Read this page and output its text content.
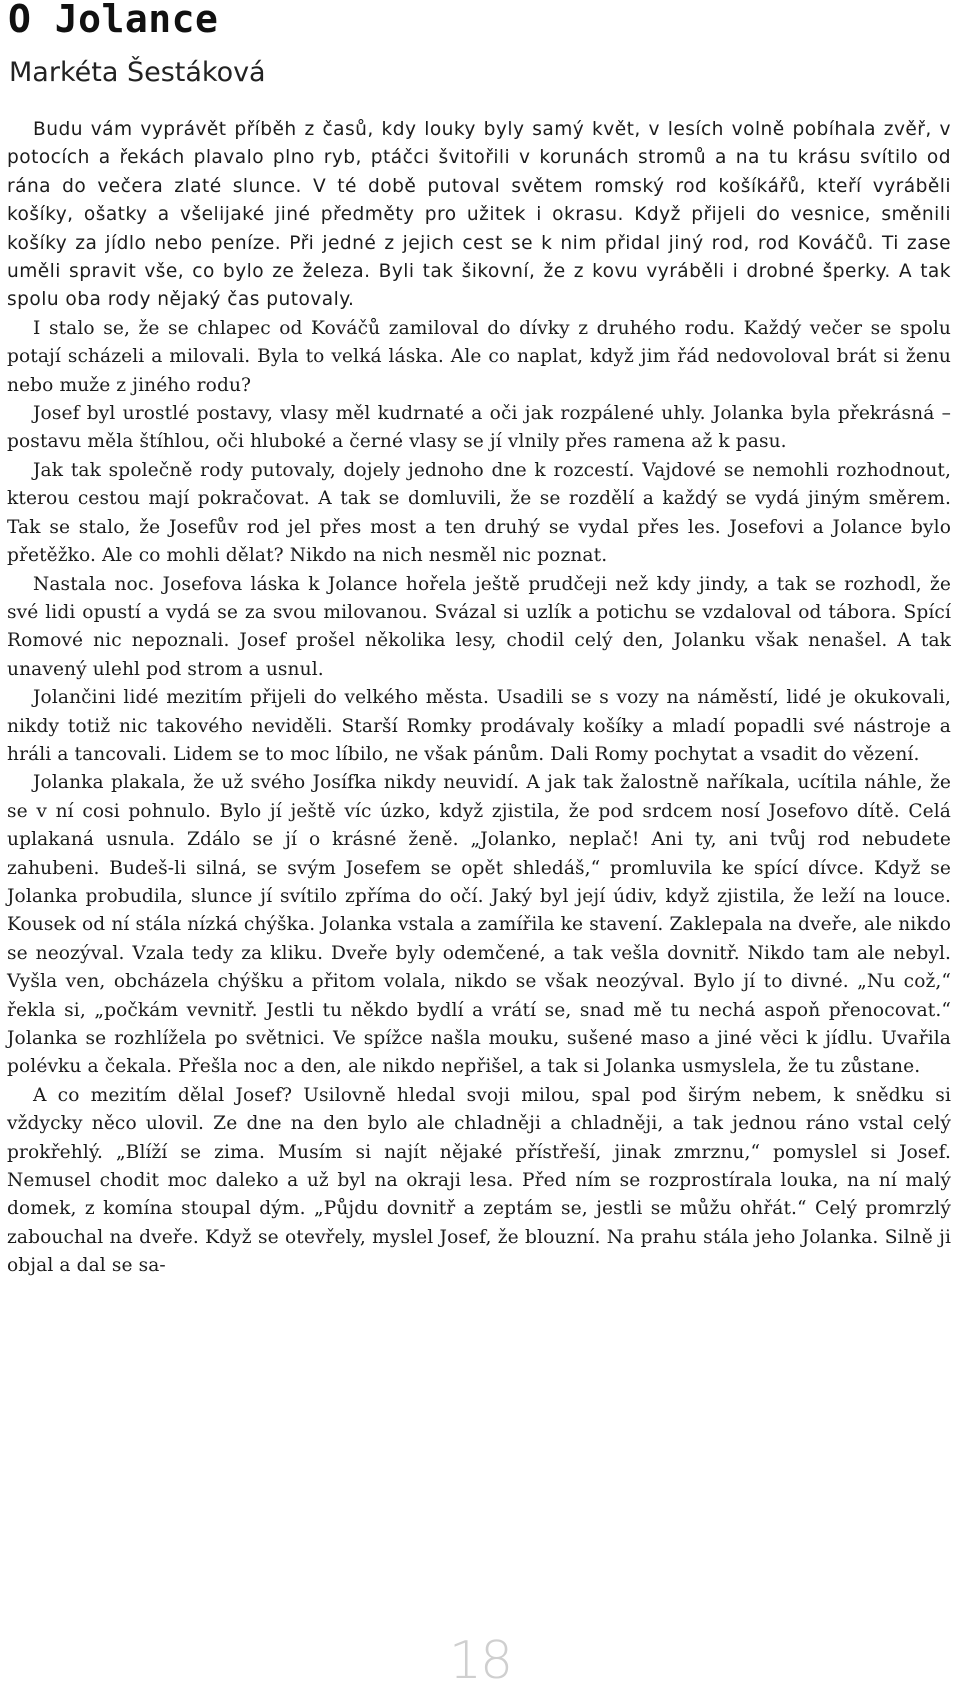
O Jolance
Markéta Šestáková

Budu vám vyprávět příběh z časů, kdy louky byly samý květ, v lesích volně pobíhala zvěř, v potocích a řekách plavalo plno ryb, ptáčci švitořili v korunách stromů a na tu krásu svítilo od rána do večera zlaté slunce. V té době putoval světem romský rod košíkářů, kteří vyráběli košíky, ošatky a všelijaké jiné předměty pro užitek i okrasu. Když přijeli do vesnice, směnili košíky za jídlo nebo peníze. Při jedné z jejich cest se k nim přidal jiný rod, rod Kováčů. Ti zase uměli spravit vše, co bylo ze železa. Byli tak šikovní, že z kovu vyráběli i drobné šperky. A tak spolu oba rody nějaký čas putovaly.

I stalo se, že se chlapec od Kováčů zamiloval do dívky z druhého rodu. Každý večer se spolu potají scházeli a milovali. Byla to velká láska. Ale co naplat, když jim řád nedovoloval brát si ženu nebo muže z jiného rodu?

Josef byl urostlé postavy, vlasy měl kudrnaté a oči jak rozpálené uhly. Jolanka byla překrásná – postavu měla štíhlou, oči hluboké a černé vlasy se jí vlnily přes ramena až k pasu.

Jak tak společně rody putovaly, dojely jednoho dne k rozcestí. Vajdové se nemohli rozhodnout, kterou cestou mají pokračovat. A tak se domluvili, že se rozdělí a každý se vydá jiným směrem. Tak se stalo, že Josefův rod jel přes most a ten druhý se vydal přes les. Josefovi a Jolance bylo přetěžko. Ale co mohli dělat? Nikdo na nich nesměl nic poznat.

Nastala noc. Josefova láska k Jolance hořela ještě prudčeji než kdy jindy, a tak se rozhodl, že své lidi opustí a vydá se za svou milovanou. Svázal si uzlík a potichu se vzdaloval od tábora. Spící Romové nic nepoznali. Josef prošel několika lesy, chodil celý den, Jolanku však nenašel. A tak unavený ulehl pod strom a usnul.

Jolančini lidé mezitím přijeli do velkého města. Usadili se s vozy na náměstí, lidé je okukovali, nikdy totiž nic takového neviděli. Starší Romky prodávaly košíky a mladí popadli své nástroje a hráli a tancovali. Lidem se to moc líbilo, ne však pánům. Dali Romy pochytat a vsadit do vězení.

Jolanka plakala, že už svého Josífka nikdy neuvidí. A jak tak žalostně naříkala, ucítila náhle, že se v ní cosi pohnulo. Bylo jí ještě víc úzko, když zjistila, že pod srdcem nosí Josefovo dítě. Celá uplakaná usnula. Zdálo se jí o krásné ženě. „Jolanko, neplač! Ani ty, ani tvůj rod nebudete zahubeni. Budeš-li silná, se svým Josefem se opět shledáš,“ promluvila ke spící dívce. Když se Jolanka probudila, slunce jí svítilo zpříma do očí. Jaký byl její údiv, když zjistila, že leží na louce. Kousek od ní stála nízká chýška. Jolanka vstala a zamířila ke stavení. Zaklepala na dveře, ale nikdo se neozýval. Vzala tedy za kliku. Dveře byly odemčené, a tak vešla dovnitř. Nikdo tam ale nebyl. Vyšla ven, obcházela chýšku a přitom volala, nikdo se však neozýval. Bylo jí to divné. „Nu což,“ řekla si, „počkám vevnitř. Jestli tu někdo bydlí a vrátí se, snad mě tu nechá aspoň přenocovat.“ Jolanka se rozhlížela po světnici. Ve spížce našla mouku, sušené maso a jiné věci k jídlu. Uvařila polévku a čekala. Přešla noc a den, ale nikdo nepřišel, a tak si Jolanka usmyslela, že tu zůstane.

A co mezitím dělal Josef? Usilovně hledal svoji milou, spal pod širým nebem, k snědku si vždycky něco ulovil. Ze dne na den bylo ale chladněji a chladněji, a tak jednou ráno vstal celý prokřehlý. „Blíží se zima. Musím si najít nějaké přístřeší, jinak zmrznu,“ pomyslel si Josef. Nemusel chodit moc daleko a už byl na okraji lesa. Před ním se rozprostírala louka, na ní malý domek, z komína stoupal dým. „Půjdu dovnitř a zeptám se, jestli se můžu ohřát.“ Celý promrzlý zabouchal na dveře. Když se otevřely, myslel Josef, že blouzní. Na prahu stála jeho Jolanka. Silně ji objal a dal se sa-

18
